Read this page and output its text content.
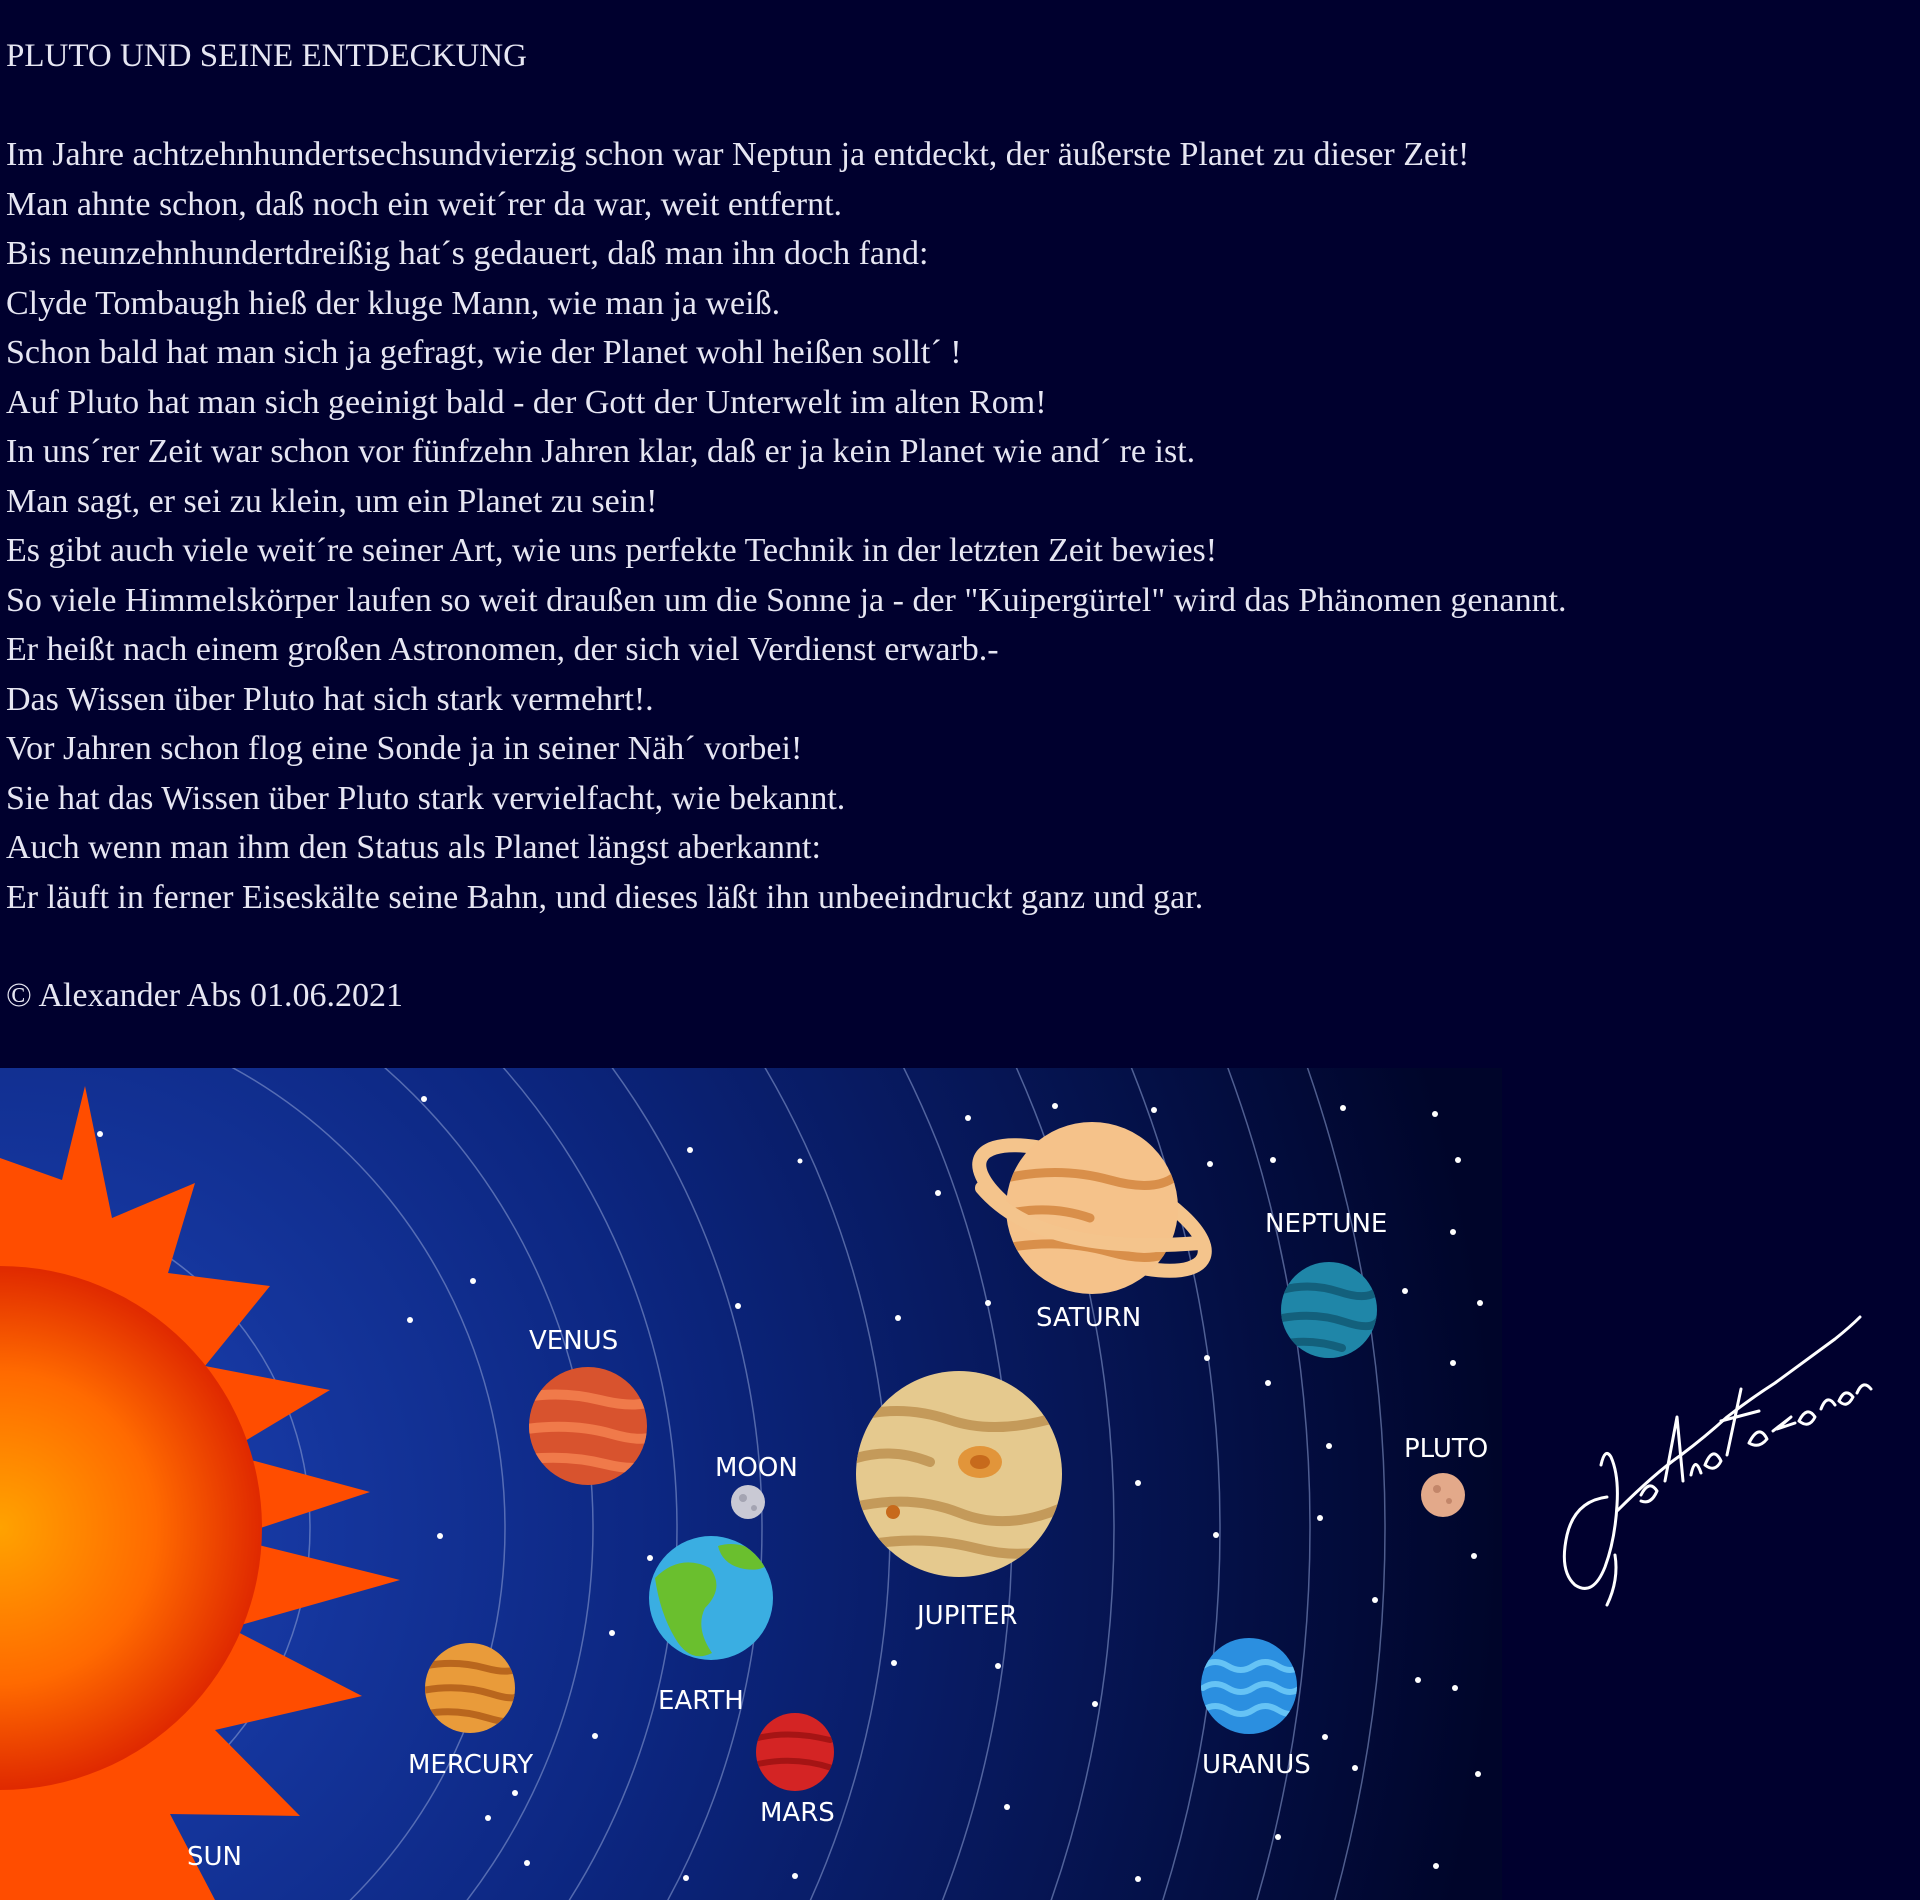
PLUTO UND SEINE ENTDECKUNG
Im Jahre achtzehnhundertsechsundvierzig schon war Neptun ja entdeckt, der äußerste Planet zu dieser Zeit!
Man ahnte schon, daß noch ein weit´rer da war, weit entfernt.
Bis neunzehnhundertdreißig hat´s gedauert, daß man ihn doch fand:
Clyde Tombaugh hieß der kluge Mann, wie man ja weiß.
Schon bald hat man sich ja gefragt, wie der Planet wohl heißen sollt´ !
Auf Pluto hat man sich geeinigt bald - der Gott der Unterwelt im alten Rom!
In uns´rer Zeit war schon vor fünfzehn Jahren klar, daß er ja kein Planet wie and´ re ist.
Man sagt, er sei zu klein, um ein Planet zu sein!
Es gibt auch viele weit´re seiner Art, wie uns perfekte Technik in der letzten Zeit bewies!
So viele Himmelskörper laufen so weit draußen um die Sonne ja - der "Kuipergürtel" wird das Phänomen genannt.
Er heißt nach einem großen Astronomen, der sich viel Verdienst erwarb.-
Das Wissen über Pluto hat sich stark vermehrt!.
Vor Jahren schon flog eine Sonde ja in seiner Näh´ vorbei!
Sie hat das Wissen über Pluto stark vervielfacht, wie bekannt.
Auch wenn man ihm den Status als Planet längst aberkannt:
Er läuft in ferner Eiseskälte seine Bahn, und dieses läßt ihn unbeeindruckt ganz und gar.
© Alexander Abs 01.06.2021
SUN
MERCURY
VENUS
MOON
EARTH
MARS
JUPITER
SATURN
URANUS
NEPTUNE
PLUTO
